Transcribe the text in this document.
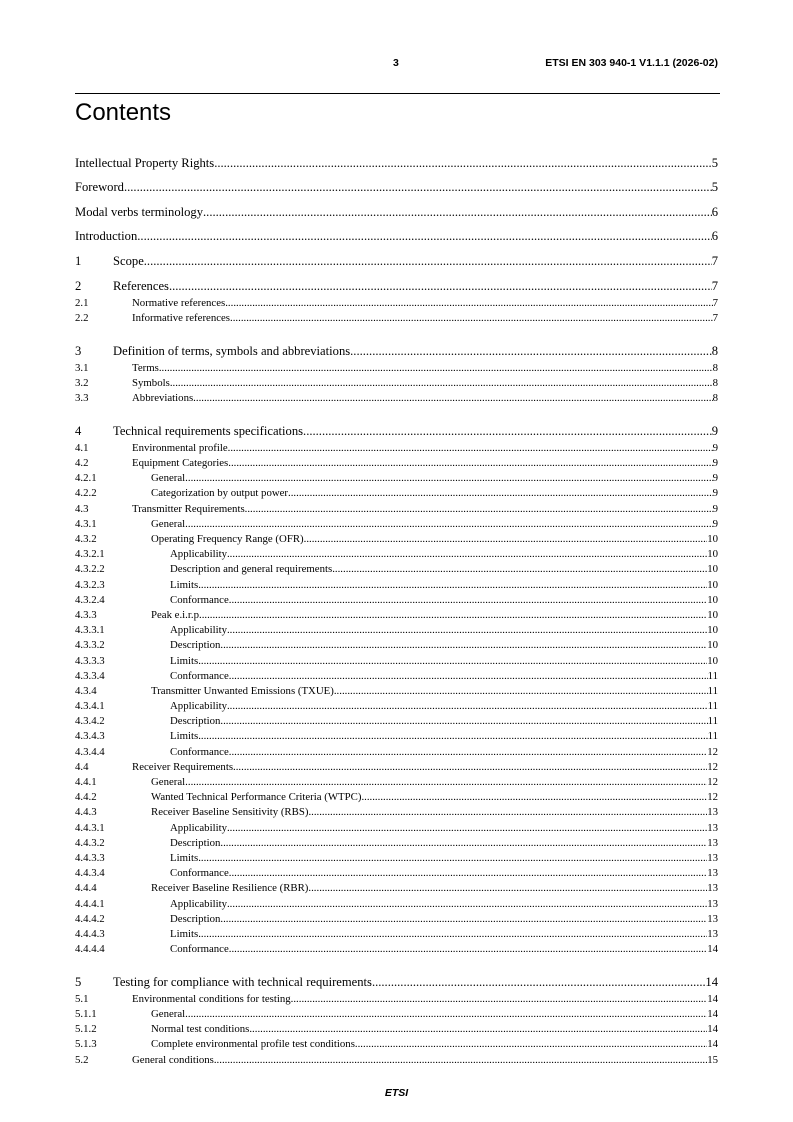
3	ETSI EN 303 940-1 V1.1.1 (2026-02)
Contents
Intellectual Property Rights .....	5
Foreword .....	5
Modal verbs terminology .....	6
Introduction .....	6
1	Scope .....	7
2	References .....	7
2.1	Normative references .....	7
2.2	Informative references .....	7
3	Definition of terms, symbols and abbreviations .....	8
3.1	Terms .....	8
3.2	Symbols .....	8
3.3	Abbreviations .....	8
4	Technical requirements specifications .....	9
4.1	Environmental profile .....	9
4.2	Equipment Categories .....	9
4.2.1	General .....	9
4.2.2	Categorization by output power .....	9
4.3	Transmitter Requirements .....	9
4.3.1	General .....	9
4.3.2	Operating Frequency Range (OFR) .....	10
4.3.2.1	Applicability .....	10
4.3.2.2	Description and general requirements .....	10
4.3.2.3	Limits .....	10
4.3.2.4	Conformance .....	10
4.3.3	Peak e.i.r.p. .....	10
4.3.3.1	Applicability .....	10
4.3.3.2	Description .....	10
4.3.3.3	Limits .....	10
4.3.3.4	Conformance .....	11
4.3.4	Transmitter Unwanted Emissions (TXUE) .....	11
4.3.4.1	Applicability .....	11
4.3.4.2	Description .....	11
4.3.4.3	Limits .....	11
4.3.4.4	Conformance .....	12
4.4	Receiver Requirements .....	12
4.4.1	General .....	12
4.4.2	Wanted Technical Performance Criteria (WTPC) .....	12
4.4.3	Receiver Baseline Sensitivity (RBS) .....	13
4.4.3.1	Applicability .....	13
4.4.3.2	Description .....	13
4.4.3.3	Limits .....	13
4.4.3.4	Conformance .....	13
4.4.4	Receiver Baseline Resilience (RBR) .....	13
4.4.4.1	Applicability .....	13
4.4.4.2	Description .....	13
4.4.4.3	Limits .....	13
4.4.4.4	Conformance .....	14
5	Testing for compliance with technical requirements .....	14
5.1	Environmental conditions for testing .....	14
5.1.1	General .....	14
5.1.2	Normal test conditions .....	14
5.1.3	Complete environmental profile test conditions .....	14
5.2	General conditions .....	15
ETSI
